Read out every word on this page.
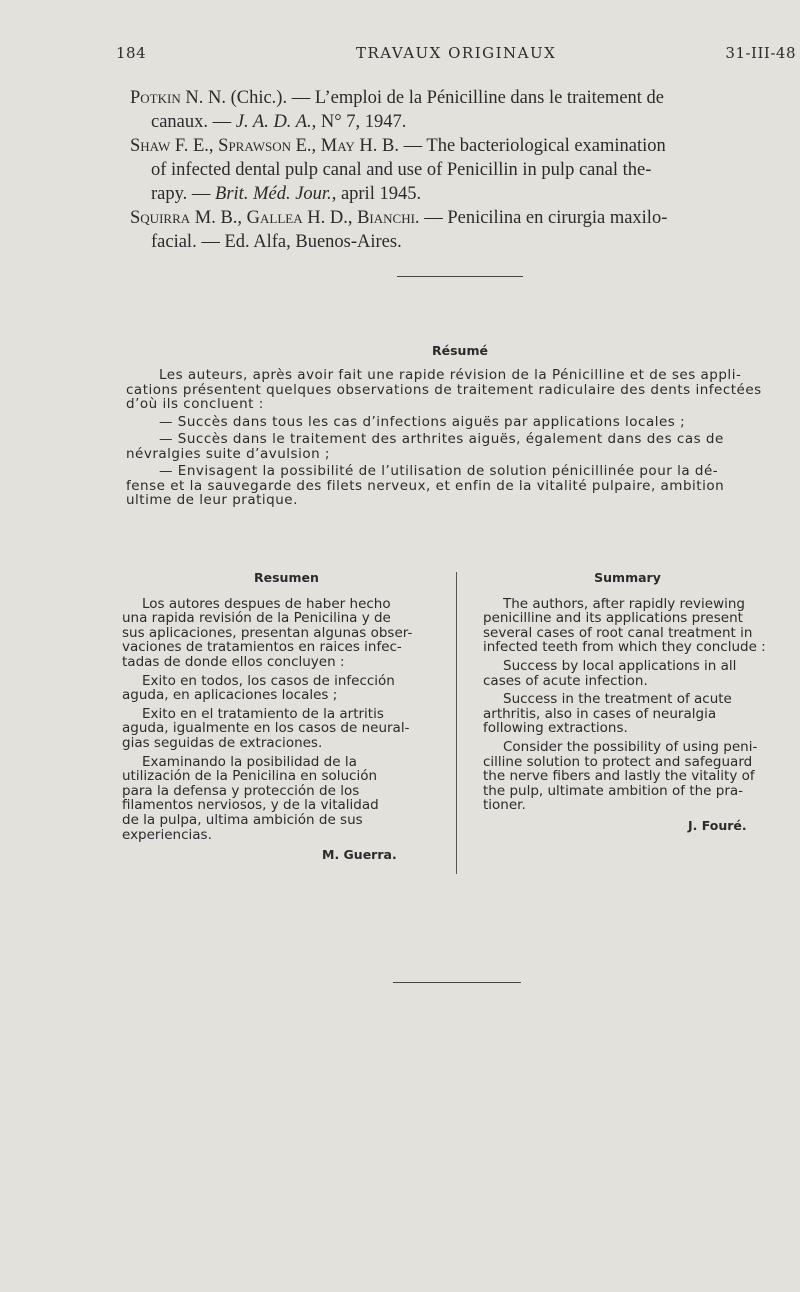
184	TRAVAUX ORIGINAUX	31-III-48
Potkin N. N. (Chic.). — L’emploi de la Pénicilline dans le traitement de
canaux. — J. A. D. A., N° 7, 1947.
Shaw F. E., Sprawson E., May H. B. — The bacteriological examination
of infected dental pulp canal and use of Penicillin in pulp canal the-
rapy. — Brit. Méd. Jour., april 1945.
Squirra M. B., Gallea H. D., Bianchi. — Penicilina en cirurgia maxilo-
facial. — Ed. Alfa, Buenos-Aires.
Résumé

Les auteurs, après avoir fait une rapide révision de la Pénicilline et de ses appli-
cations présentent quelques observations de traitement radiculaire des dents infectées
d’où ils concluent :

— Succès dans tous les cas d’infections aiguës par applications locales ;

— Succès dans le traitement des arthrites aiguës, également dans des cas de
névralgies suite d’avulsion ;

— Envisagent la possibilité de l’utilisation de solution pénicillinée pour la dé-
fense et la sauvegarde des filets nerveux, et enfin de la vitalité pulpaire, ambition
ultime de leur pratique.

Resumen

Los autores despues de haber hecho
una rapida revisión de la Penicilina y de
sus aplicaciones, presentan algunas obser-
vaciones de tratamientos en raices infec-
tadas de donde ellos concluyen :

Exito en todos, los casos de infección
aguda, en aplicaciones locales ;

Exito en el tratamiento de la artritis
aguda, igualmente en los casos de neural-
gias seguidas de extraciones.

Examinando la posibilidad de la
utilización de la Penicilina en solución
para la defensa y protección de los
filamentos nerviosos, y de la vitalidad
de la pulpa, ultima ambición de sus
experiencias.

M. Guerra.
Summary

The authors, after rapidly reviewing
penicilline and its applications present
several cases of root canal treatment in
infected teeth from which they conclude :

Success by local applications in all
cases of acute infection.

Success in the treatment of acute
arthritis, also in cases of neuralgia
following extractions.

Consider the possibility of using peni-
cilline solution to protect and safeguard
the nerve fibers and lastly the vitality of
the pulp, ultimate ambition of the pra-
tioner.

J. Fouré.
